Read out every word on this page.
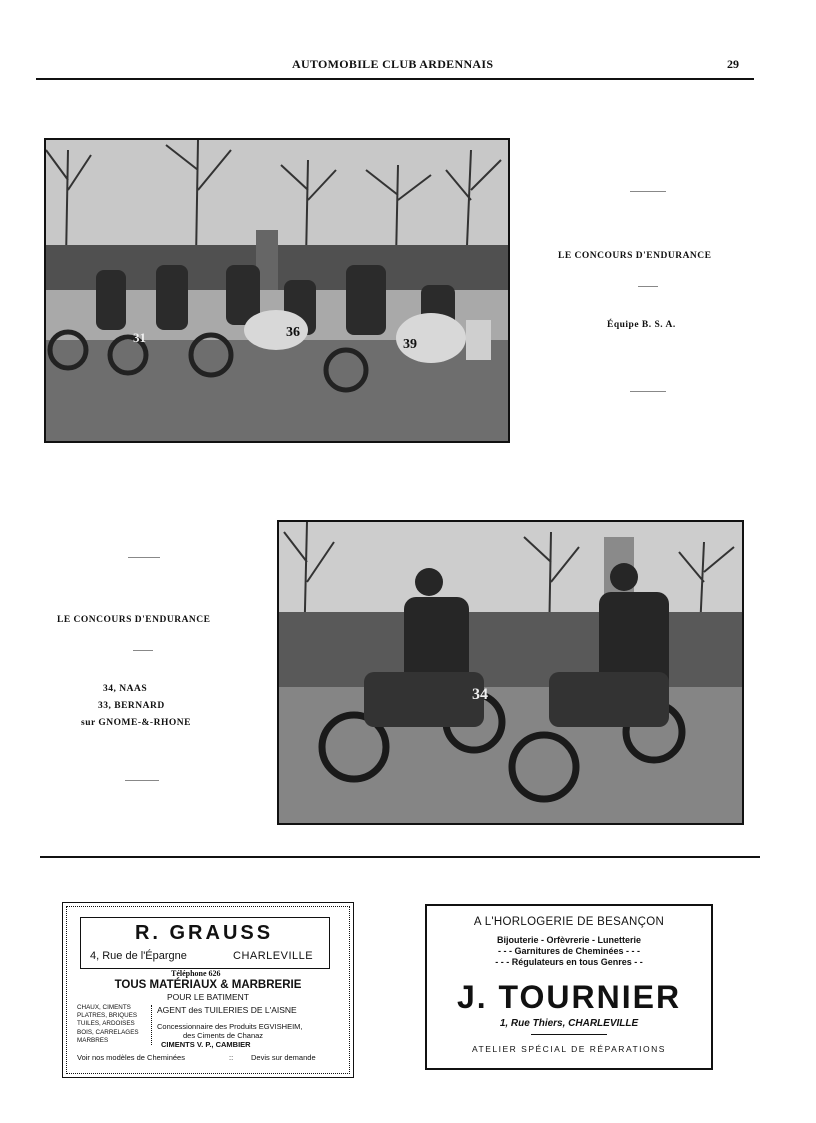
AUTOMOBILE CLUB ARDENNAIS	29
31	36
39
LE CONCOURS D'ENDURANCE
Équipe B. S. A.
34
LE CONCOURS D'ENDURANCE
34, NAAS
33, BERNARD
sur GNOME-&-RHONE
R. GRAUSS
4, Rue de l'Épargne	CHARLEVILLE
Téléphone 626
TOUS MATÉRIAUX & MARBRERIE
POUR LE BATIMENT
CHAUX, CIMENTS
PLATRES, BRIQUES
TUILES, ARDOISES
BOIS, CARRELAGES
MARBRES
AGENT des TUILERIES DE L'AISNE
Concessionnaire des Produits EGVISHEIM,
des Ciments de Chanaz
CIMENTS V. P., CAMBIER
Voir nos modèles de Cheminées	:: Devis sur demande
A L'HORLOGERIE DE BESANÇON
Bijouterie - Orfèvrerie - Lunetterie
- - - Garnitures de Cheminées - - -
- - - Régulateurs en tous Genres - -
J. TOURNIER
1, Rue Thiers, CHARLEVILLE
ATELIER SPÉCIAL DE RÉPARATIONS
